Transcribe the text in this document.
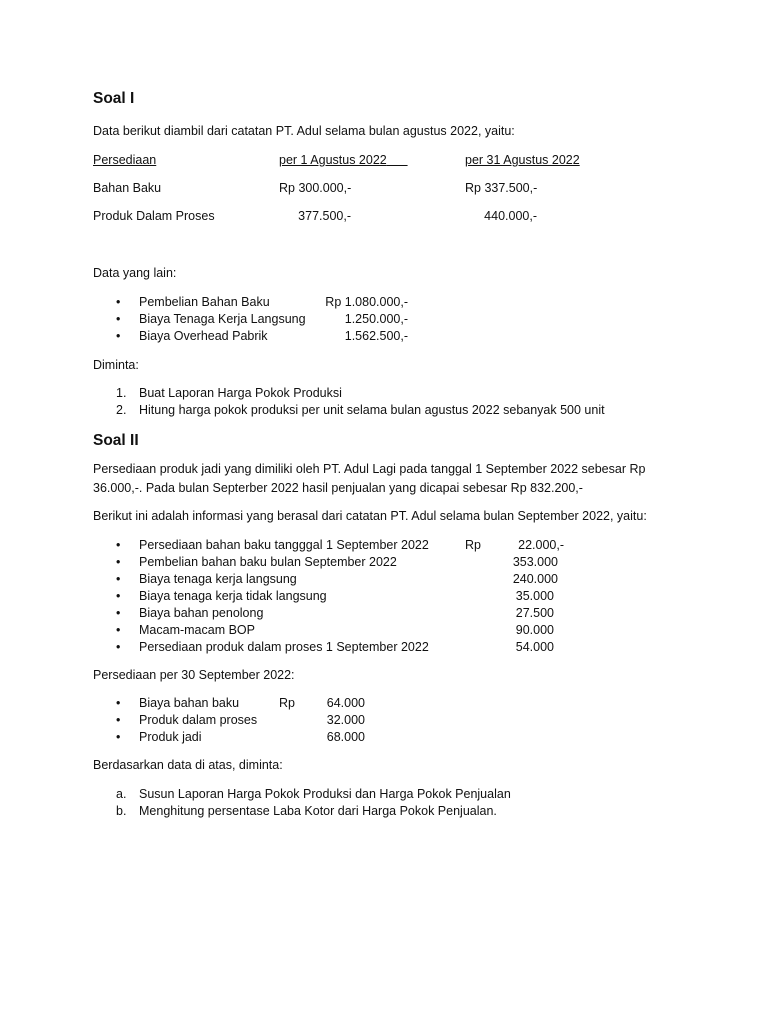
Soal I
Data berikut diambil dari catatan PT. Adul selama bulan agustus 2022, yaitu:
Persediaan	per 1 Agustus 2022	per 31 Agustus 2022
Bahan Baku	Rp 300.000,-	Rp 337.500,-
Produk Dalam Proses	377.500,-	440.000,-
Data yang lain:
•
Pembelian Bahan Baku	Rp 1.080.000,-
•
Biaya Tenaga Kerja Langsung	1.250.000,-
•
Biaya Overhead Pabrik	1.562.500,-
Diminta:
1. Buat Laporan Harga Pokok Produksi
2. Hitung harga pokok produksi per unit selama bulan agustus 2022 sebanyak 500 unit
Soal II
Persediaan produk jadi yang dimiliki oleh PT. Adul Lagi pada tanggal 1 September 2022 sebesar Rp
36.000,-. Pada bulan Septerber 2022 hasil penjualan yang dicapai sebesar Rp 832.200,-
Berikut ini adalah informasi yang berasal dari catatan PT. Adul selama bulan September 2022, yaitu:
•
Persediaan bahan baku tangggal 1 September 2022	Rp	22.000,-
•
Pembelian bahan baku bulan September 2022	353.000
•
Biaya tenaga kerja langsung	240.000
•
Biaya tenaga kerja tidak langsung	35.000
•
Biaya bahan penolong	27.500
•
Macam-macam BOP	90.000
•
Persediaan produk dalam proses 1 September 2022	54.000
Persediaan per 30 September 2022:
•
Biaya bahan baku	Rp	64.000
•
Produk dalam proses	32.000
•
Produk jadi	68.000
Berdasarkan data di atas, diminta:
a. Susun Laporan Harga Pokok Produksi dan Harga Pokok Penjualan
b. Menghitung persentase Laba Kotor dari Harga Pokok Penjualan.
